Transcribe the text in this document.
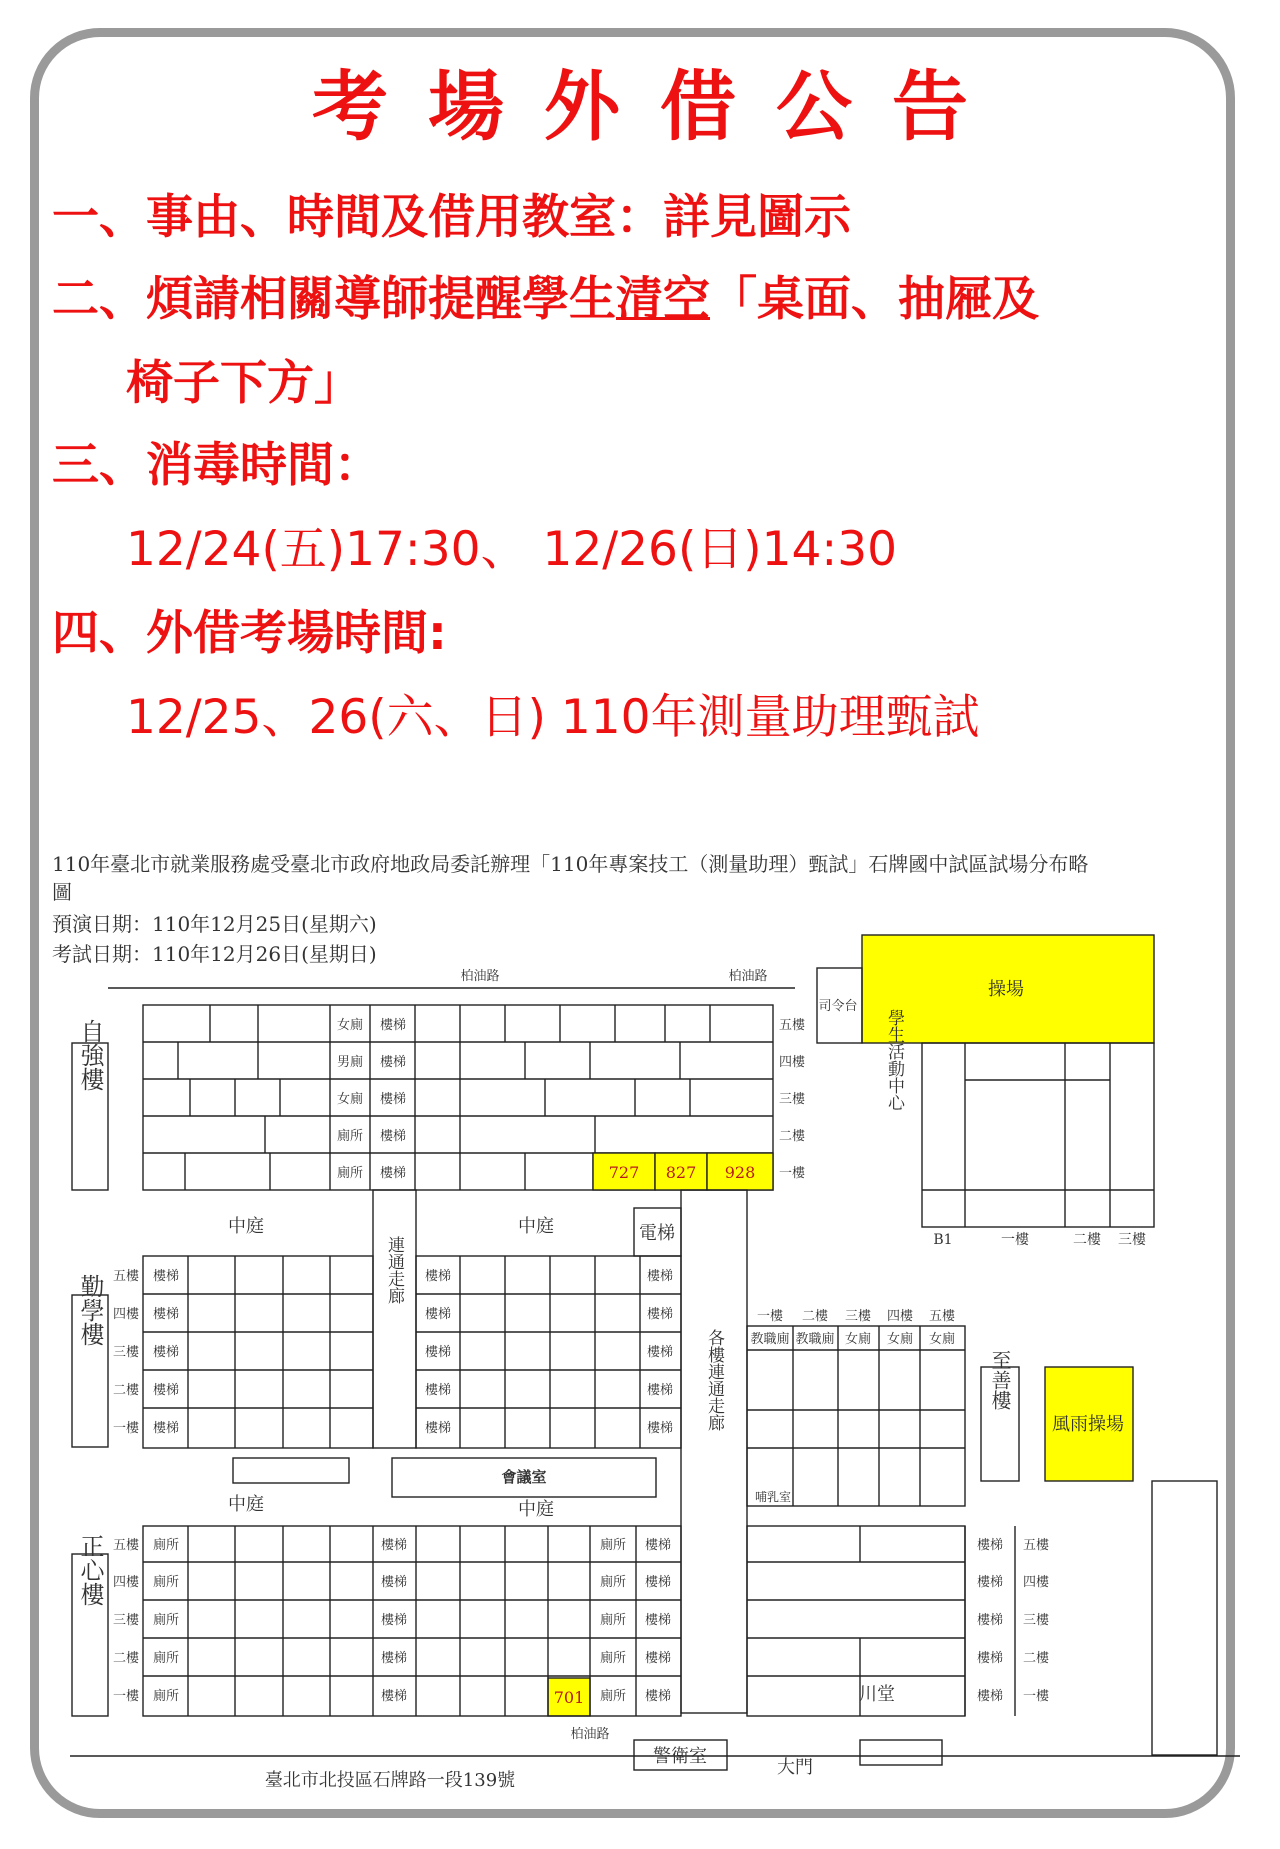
考場外借公告
一、事由、時間及借用教室：詳見圖示
二、煩請相關導師提醒學生清空「桌面、抽屜及
椅子下方」
三、消毒時間：
12/24(五)17:30、 12/26(日)14:30
四、外借考場時間:
12/25、26(六、日) 110年測量助理甄試
110年臺北市就業服務處受臺北市政府地政局委託辦理「110年專案技工（測量助理）甄試」石牌國中試區試場分布略
圖
預演日期：110年12月25日(星期六)
考試日期：110年12月26日(星期日)
柏油路	柏油路
柏油路
司令台
操場
風雨操場
中庭	中庭
中庭	中庭
電梯
川堂
警衛室
大門
臺北市北投區石牌路一段139號
會議室
哺乳室
727 827 928
701
女廁
男廁
女廁
廁所
廁所
樓梯
樓梯
樓梯
樓梯
樓梯
五樓
四樓
三樓
二樓
一樓
五樓
四樓
三樓
二樓
一樓
樓梯
樓梯
樓梯
樓梯
樓梯
樓梯
樓梯
樓梯
樓梯
樓梯
樓梯
樓梯
樓梯
樓梯
樓梯
五樓
四樓
三樓
二樓
一樓
廁所
廁所
廁所
廁所
廁所
樓梯
樓梯
樓梯
樓梯
樓梯
廁所
廁所
廁所
廁所
廁所
樓梯
樓梯
樓梯
樓梯
樓梯
樓梯
樓梯
樓梯
樓梯
樓梯
五樓
四樓
三樓
二樓
一樓
一樓 二樓 三樓 四樓 五樓
教職廁 教職廁 女廁 女廁 女廁
B1	一樓	二樓 三樓
自強樓
勤學樓
正心樓
至善樓
學生活動中心
連通走廊
各樓連通走廊
